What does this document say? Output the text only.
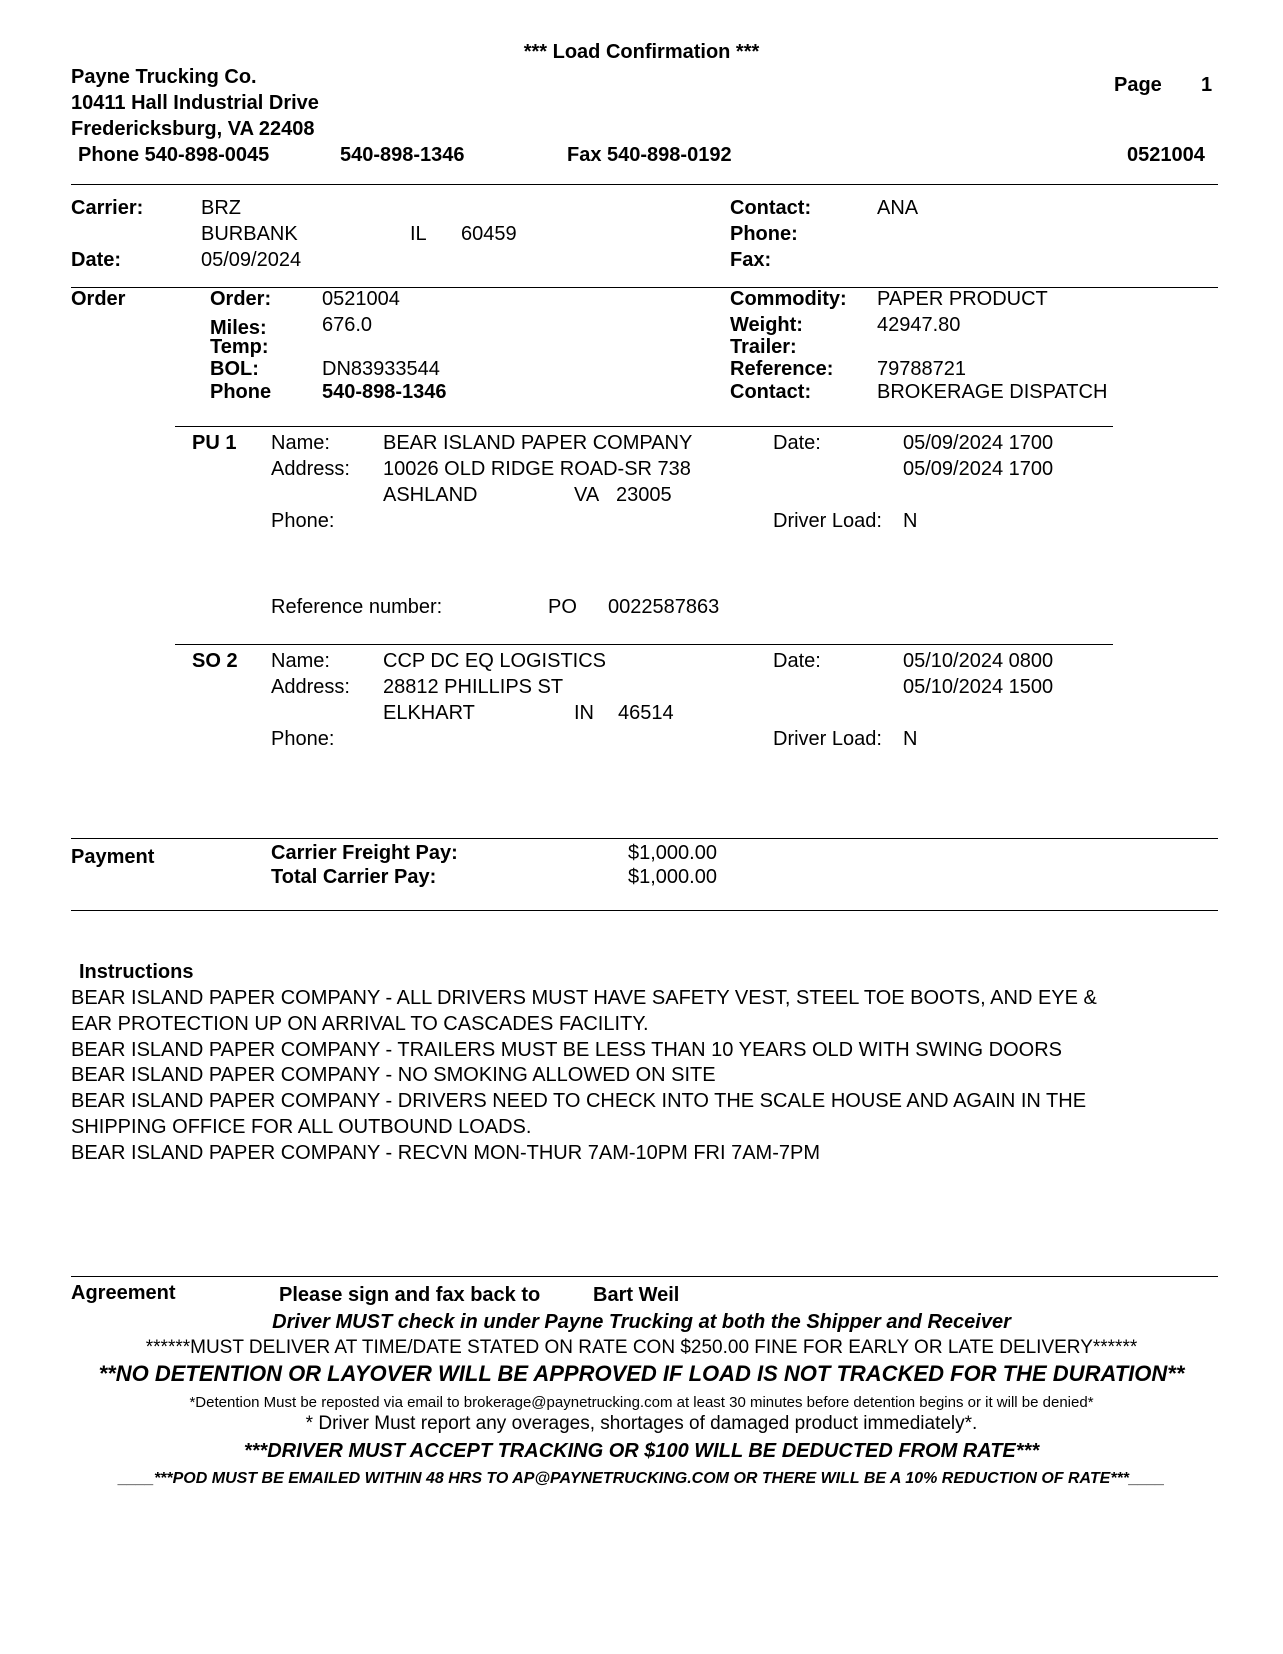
*** Load Confirmation ***
Payne Trucking Co.
10411 Hall Industrial Drive
Fredericksburg, VA 22408
Phone 540-898-0045	540-898-1346	Fax 540-898-0192
Page 1
0521004
Carrier:	BRZ
BURBANK	IL 60459
Date:	05/09/2024
Contact:	ANA
Phone:
Fax:
Order	Order:	0521004
Miles:	676.0
Temp:
BOL:	DN83933544
Phone	540-898-1346
Commodity: PAPER PRODUCT
Weight:	42947.80
Trailer:
Reference: 79788721
Contact:	BROKERAGE DISPATCH
PU 1 Name:	BEAR ISLAND PAPER COMPANY
Address: 10026 OLD RIDGE ROAD-SR 738
ASHLAND	VA 23005
Phone:
Date:	05/09/2024 1700
05/09/2024 1700
Driver Load: N
Reference number:	PO 0022587863
SO 2 Name:	CCP DC EQ LOGISTICS
Address: 28812 PHILLIPS ST
ELKHART	IN 46514
Phone:
Date:	05/10/2024 0800
05/10/2024 1500
Driver Load: N
Payment	Carrier Freight Pay:	$1,000.00
Total Carrier Pay:	$1,000.00
Instructions
BEAR ISLAND PAPER COMPANY - ALL DRIVERS MUST HAVE SAFETY VEST, STEEL TOE BOOTS, AND EYE &
EAR PROTECTION UP ON ARRIVAL TO CASCADES FACILITY.
BEAR ISLAND PAPER COMPANY - TRAILERS MUST BE LESS THAN 10 YEARS OLD WITH SWING DOORS
BEAR ISLAND PAPER COMPANY - NO SMOKING ALLOWED ON SITE
BEAR ISLAND PAPER COMPANY - DRIVERS NEED TO CHECK INTO THE SCALE HOUSE AND AGAIN IN THE
SHIPPING OFFICE FOR ALL OUTBOUND LOADS.
BEAR ISLAND PAPER COMPANY - RECVN MON-THUR 7AM-10PM FRI 7AM-7PM
Agreement	Please sign and fax back to	Bart Weil
Driver MUST check in under Payne Trucking at both the Shipper and Receiver
******MUST DELIVER AT TIME/DATE STATED ON RATE CON $250.00 FINE FOR EARLY OR LATE DELIVERY******
**NO DETENTION OR LAYOVER WILL BE APPROVED IF LOAD IS NOT TRACKED FOR THE DURATION**
*Detention Must be reposted via email to brokerage@paynetrucking.com at least 30 minutes before detention begins or it will be denied*
* Driver Must report any overages, shortages of damaged product immediately*.
***DRIVER MUST ACCEPT TRACKING OR $100 WILL BE DEDUCTED FROM RATE***
____***POD MUST BE EMAILED WITHIN 48 HRS TO AP@PAYNETRUCKING.COM OR THERE WILL BE A 10% REDUCTION OF RATE***____
